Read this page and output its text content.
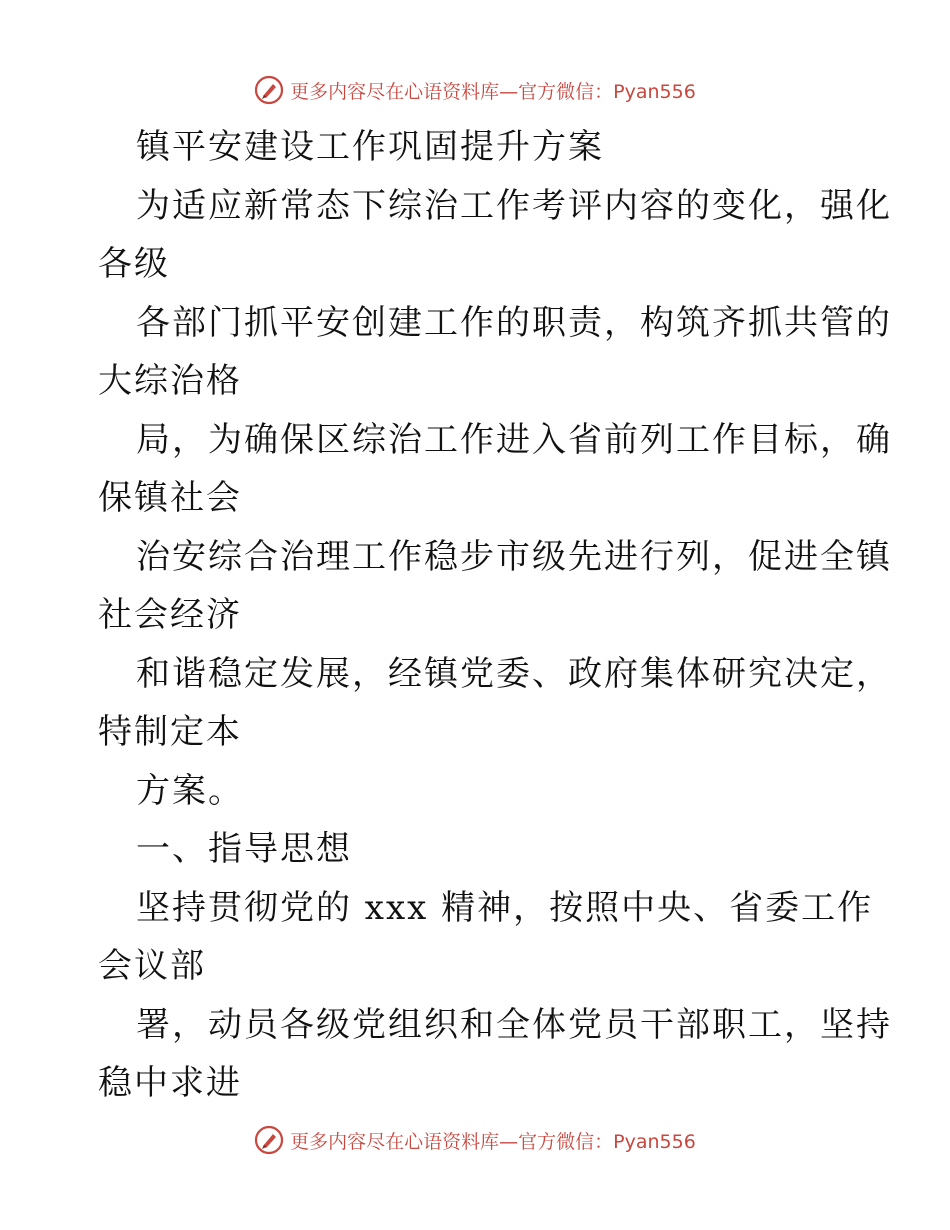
更多内容尽在心语资料库—官方微信：Pyan556
镇平安建设工作巩固提升方案
为适应新常态下综治工作考评内容的变化，强化
各级
各部门抓平安创建工作的职责，构筑齐抓共管的
大综治格
局，为确保区综治工作进入省前列工作目标，确
保镇社会
治安综合治理工作稳步市级先进行列，促进全镇
社会经济
和谐稳定发展，经镇党委、政府集体研究决定，
特制定本
方案。
一、指导思想
坚持贯彻党的 xxx 精神，按照中央、省委工作
会议部
署，动员各级党组织和全体党员干部职工，坚持
稳中求进
更多内容尽在心语资料库—官方微信：Pyan556
